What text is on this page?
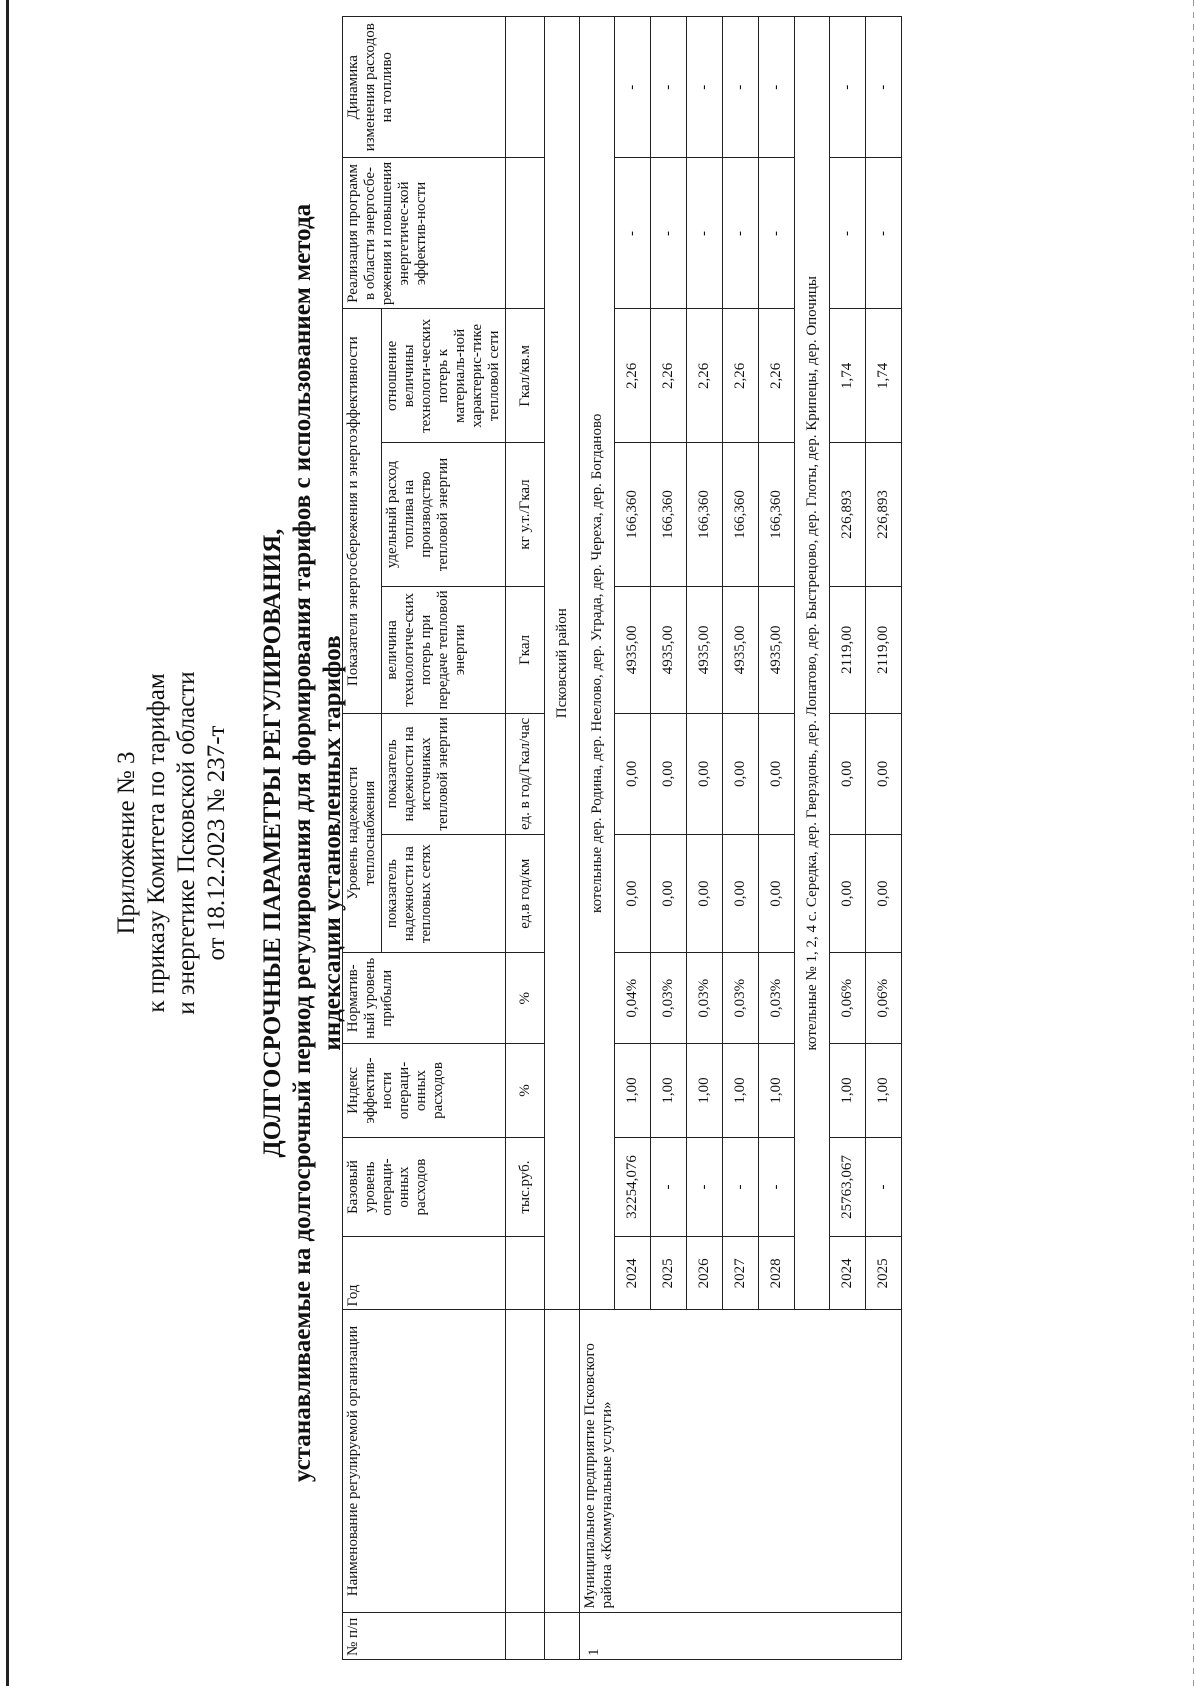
Приложение № 3 к приказу Комитета по тарифам и энергетике Псковской области от 18.12.2023 № 237-т ДОЛГОСРОЧНЫЕ ПАРАМЕТРЫ РЕГУЛИРОВАНИЯ, устанавливаемые на долгосрочный период регулирования для формирования тарифов с использованием метода индексации установленных тарифов
№ п/п	Наименование регулируемой организации	Год	Базовый уровень операци-онных расходов	Индекс эффектив-ности операци-онных расходов	Норматив-ный уровень прибыли	Уровень надежности теплоснабжения		Показатели энергосбережения и энергоэффективности			Реализация программ в области энергосбе-режения и повышения энергетичес-кой эффектив-ности	Динамика изменения расходов на топливо
						показатель надежности на тепловых сетях	показатель надежности на источниках тепловой энергии	величина технологиче-ских потерь при передаче тепловой энергии	удельный расход топлива на производство тепловой энергии	отношение величины технологи-ческих потерь к материаль-ной характерис-тике тепловой сети		
			тыс.руб.	%	%	ед.в год/км	ед. в год/Гкал/час	Гкал	кг у.т./Гкал	Гкал/кв.м		
		Псковский район										
1	Муниципальное предприятие Псковского района «Коммунальные услуги»	котельные дер. Родина, дер. Неелово, дер. Уграда, дер. Череха, дер. Богданово										
		2024	32254,076	1,00	0,04%	0,00	0,00	4935,00	166,360	2,26	-	-
		2025	-	1,00	0,03%	0,00	0,00	4935,00	166,360	2,26	-	-
		2026	-	1,00	0,03%	0,00	0,00	4935,00	166,360	2,26	-	-
		2027	-	1,00	0,03%	0,00	0,00	4935,00	166,360	2,26	-	-
		2028	-	1,00	0,03%	0,00	0,00	4935,00	166,360	2,26	-	-
		котельные № 1, 2, 4 с. Середка, дер. Гверздонь, дер. Лопатово, дер. Быстрецово, дер. Глоты, дер. Крипецы, дер. Опочицы										
		2024	25763,067	1,00	0,06%	0,00	0,00	2119,00	226,893	1,74	-	-
		2025	-	1,00	0,06%	0,00	0,00	2119,00	226,893	1,74	-	-
